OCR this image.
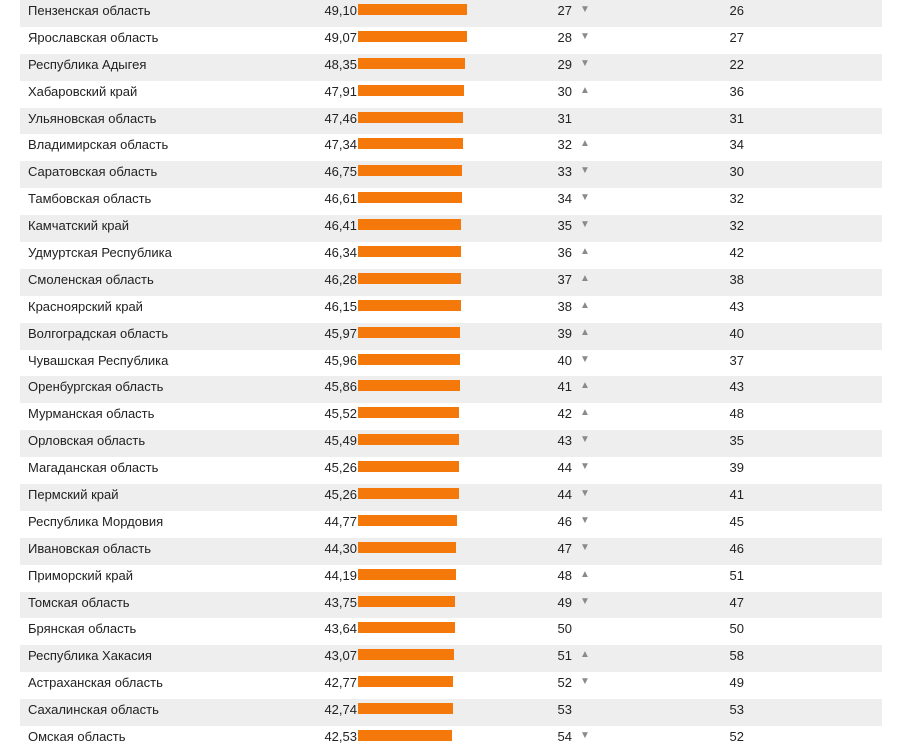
Пензенская область	49,10	27 ▼	26
Ярославская область	49,07	28 ▼	27
Республика Адыгея	48,35	29 ▼	22
Хабаровский край	47,91	30 ▲	36
Ульяновская область	47,46	31	31
Владимирская область	47,34	32 ▲	34
Саратовская область	46,75	33 ▼	30
Тамбовская область	46,61	34 ▼	32
Камчатский край	46,41	35 ▼	32
Удмуртская Республика	46,34	36 ▲	42
Смоленская область	46,28	37 ▲	38
Красноярский край	46,15	38 ▲	43
Волгоградская область	45,97	39 ▲	40
Чувашская Республика	45,96	40 ▼	37
Оренбургская область	45,86	41 ▲	43
Мурманская область	45,52	42 ▲	48
Орловская область	45,49	43 ▼	35
Магаданская область	45,26	44 ▼	39
Пермский край	45,26	44 ▼	41
Республика Мордовия	44,77	46 ▼	45
Ивановская область	44,30	47 ▼	46
Приморский край	44,19	48 ▲	51
Томская область	43,75	49 ▼	47
Брянская область	43,64	50	50
Республика Хакасия	43,07	51 ▲	58
Астраханская область	42,77	52 ▼	49
Сахалинская область	42,74	53	53
Омская область	42,53	54 ▼	52
